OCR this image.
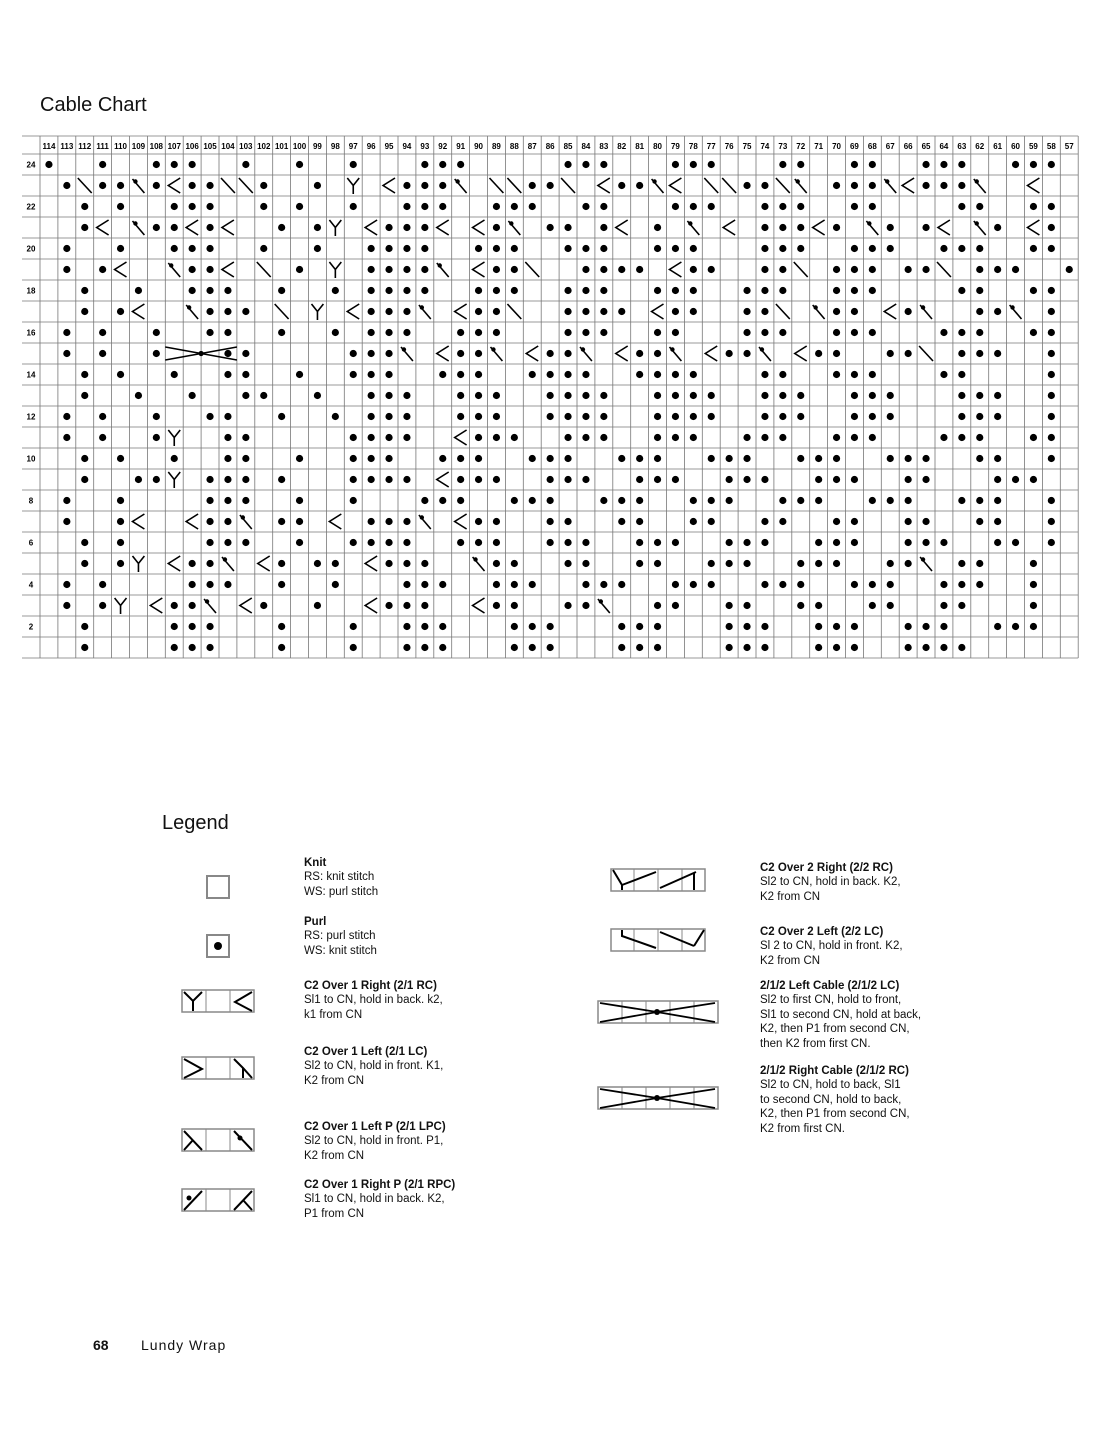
Cable Chart
114 113 112 111 110 109 108 107 106 105 104 103 102 101 100 99 98 97 96 95 94 93 92 91 90 89 88 87 86 85 84 83 82 81 80 79 78 77 76 75 74 73 72 71 70 69 68 67 66 65 64 63 62 61 60 59 58 57
24
22
20
18
16
14
12
10
8
6
4
2
Legend
Knit
RS: knit stitch
WS: purl stitch
Purl
RS: purl stitch
WS: knit stitch
C2 Over 1 Right (2/1 RC)
Sl1 to CN, hold in back. k2,
k1 from CN
C2 Over 1 Left (2/1 LC)
Sl2 to CN, hold in front. K1,
K2 from CN
C2 Over 1 Left P (2/1 LPC)
Sl2 to CN, hold in front. P1,
K2 from CN
C2 Over 1 Right P (2/1 RPC)
Sl1 to CN, hold in back. K2,
P1 from CN
C2 Over 2 Right (2/2 RC)
Sl2 to CN, hold in back. K2,
K2 from CN
C2 Over 2 Left (2/2 LC)
Sl 2 to CN, hold in front. K2,
K2 from CN
2/1/2 Left Cable (2/1/2 LC)
Sl2 to first CN, hold to front,
Sl1 to second CN, hold at back,
K2, then P1 from second CN,
then K2 from first CN.
2/1/2 Right Cable (2/1/2 RC)
Sl2 to CN, hold to back, Sl1
to second CN, hold to back,
K2, then P1 from second CN,
K2 from first CN.
68 Lundy Wrap
